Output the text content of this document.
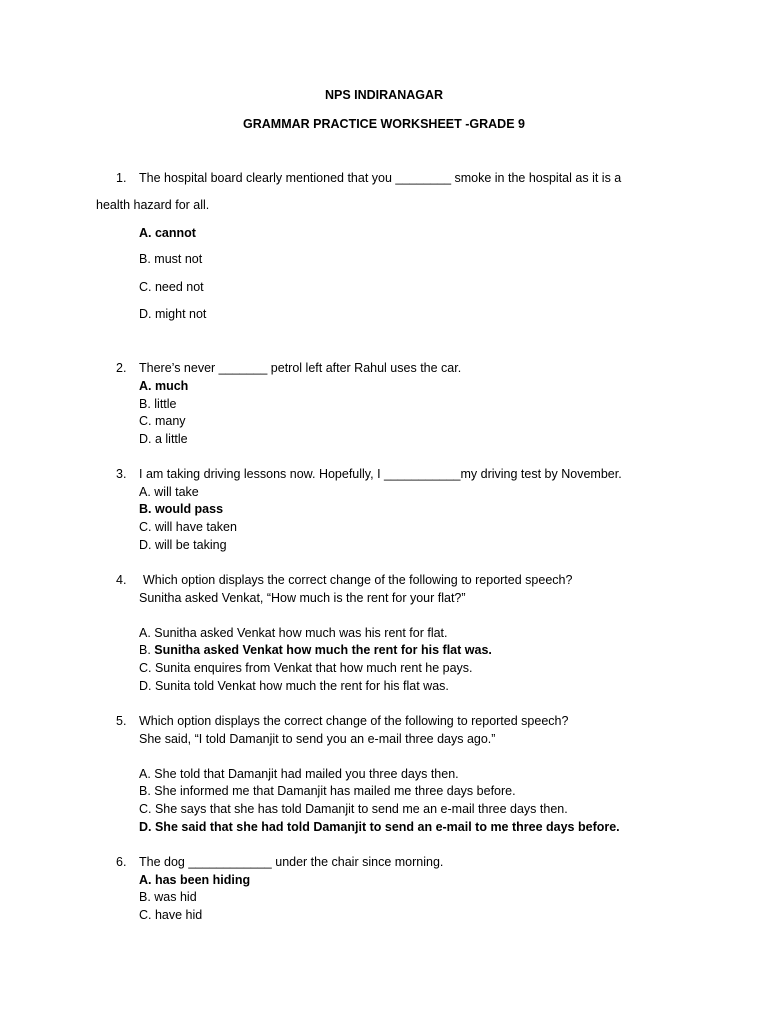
NPS INDIRANAGAR
GRAMMAR PRACTICE WORKSHEET -GRADE 9
1. The hospital board clearly mentioned that you ________ smoke in the hospital as it is a
health hazard for all.
A. cannot
B. must not
C. need not
D. might not
2. There’s never _______ petrol left after Rahul uses the car.
A. much
B. little
C. many
D. a little
3. I am taking driving lessons now. Hopefully, I ___________my driving test by November.
A. will take
B. would pass
C. will have taken
D. will be taking
4. Which option displays the correct change of the following to reported speech?
Sunitha asked Venkat, “How much is the rent for your flat?”
A. Sunitha asked Venkat how much was his rent for flat.
B. Sunitha asked Venkat how much the rent for his flat was.
C. Sunita enquires from Venkat that how much rent he pays.
D. Sunita told Venkat how much the rent for his flat was.
5. Which option displays the correct change of the following to reported speech?
She said, “I told Damanjit to send you an e-mail three days ago.”
A. She told that Damanjit had mailed you three days then.
B. She informed me that Damanjit has mailed me three days before.
C. She says that she has told Damanjit to send me an e-mail three days then.
D. She said that she had told Damanjit to send an e-mail to me three days before.
6. The dog ____________ under the chair since morning.
A. has been hiding
B. was hid
C. have hid
